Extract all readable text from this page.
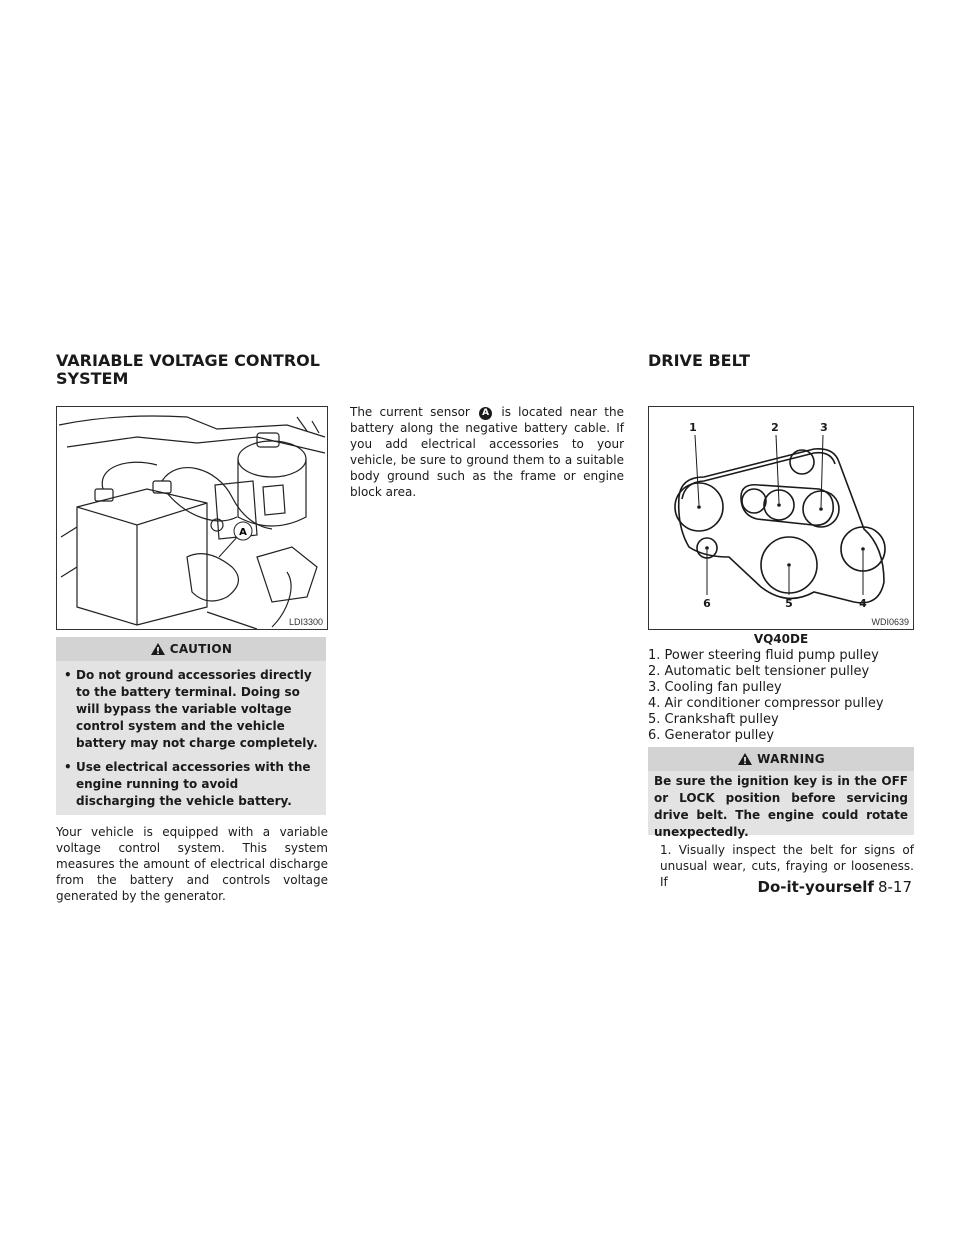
VARIABLE VOLTAGE CONTROL
SYSTEM
DRIVE BELT
A
LDI3300
CAUTION
• Do not ground accessories directly to the battery terminal. Doing so will bypass the variable voltage control system and the vehicle battery may not charge completely.
• Use electrical accessories with the engine running to avoid discharging the vehicle battery.

Your vehicle is equipped with a variable voltage control system. This system measures the amount of electrical discharge from the battery and controls voltage generated by the generator.

The current sensor A is located near the battery along the negative battery cable. If you add electrical accessories to your vehicle, be sure to ground them to a suitable body ground such as the frame or engine block area.

1	2	3
4
5
6
WDI0639
VQ40DE
1. Power steering fluid pump pulley
2. Automatic belt tensioner pulley
3. Cooling fan pulley
4. Air conditioner compressor pulley
5. Crankshaft pulley
6. Generator pulley
WARNING
Be sure the ignition key is in the OFF or LOCK position before servicing drive belt. The engine could rotate unexpectedly.

1. Visually inspect the belt for signs of unusual wear, cuts, fraying or looseness. If	Do-it-yourself 8-17
